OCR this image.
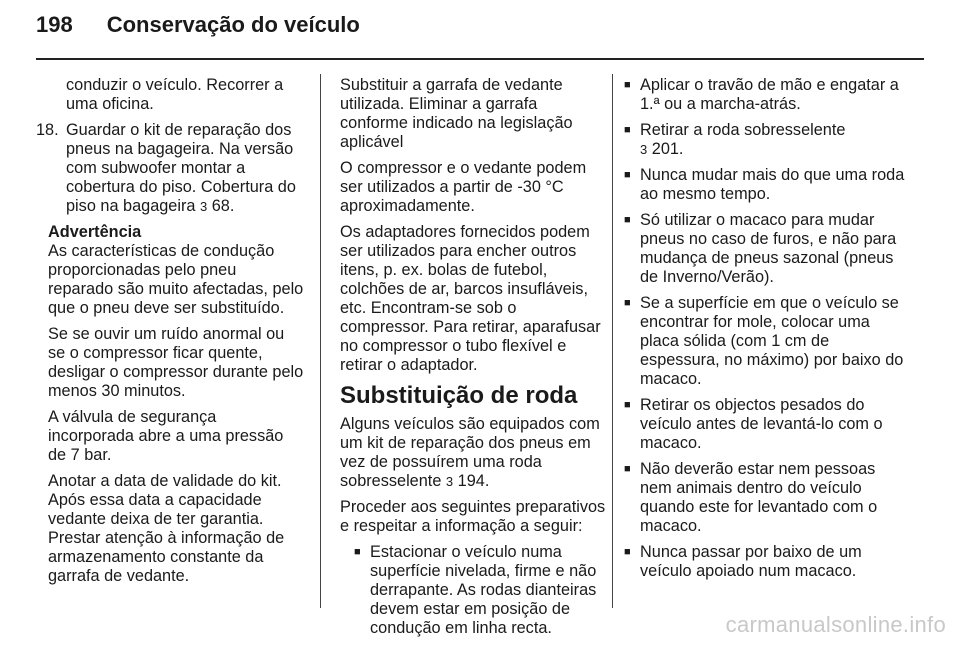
198 Conservação do veículo

conduzir o veículo. Recorrer a uma oficina.

18. Guardar o kit de reparação dos pneus na bagageira. Na versão com subwoofer montar a cobertura do piso. Cobertura do piso na bagageira 3 68.

Advertência

As características de condução proporcionadas pelo pneu reparado são muito afectadas, pelo que o pneu deve ser substituído.

Se se ouvir um ruído anormal ou se o compressor ficar quente, desligar o compressor durante pelo menos 30 minutos.

A válvula de segurança incorporada abre a uma pressão de 7 bar.

Anotar a data de validade do kit. Após essa data a capacidade vedante deixa de ter garantia. Prestar atenção à informação de armazenamento constante da garrafa de vedante.

Substituir a garrafa de vedante utilizada. Eliminar a garrafa conforme indicado na legislação aplicável

O compressor e o vedante podem ser utilizados a partir de -30 °C aproximadamente.

Os adaptadores fornecidos podem ser utilizados para encher outros itens, p. ex. bolas de futebol, colchões de ar, barcos insufláveis, etc. Encontram-se sob o compressor. Para retirar, aparafusar no compressor o tubo flexível e retirar o adaptador.

Substituição de roda

Alguns veículos são equipados com um kit de reparação dos pneus em vez de possuírem uma roda sobresselente 3 194.

Proceder aos seguintes preparativos e respeitar a informação a seguir:

■ Estacionar o veículo numa superfície nivelada, firme e não derrapante. As rodas dianteiras devem estar em posição de condução em linha recta.
■ Aplicar o travão de mão e engatar a 1.ª ou a marcha-atrás.
■ Retirar a roda sobresselente
3 201.
■ Nunca mudar mais do que uma roda ao mesmo tempo.
■ Só utilizar o macaco para mudar pneus no caso de furos, e não para mudança de pneus sazonal (pneus de Inverno/Verão).
■ Se a superfície em que o veículo se encontrar for mole, colocar uma placa sólida (com 1 cm de espessura, no máximo) por baixo do macaco.
■ Retirar os objectos pesados do veículo antes de levantá-lo com o macaco.
■ Não deverão estar nem pessoas nem animais dentro do veículo quando este for levantado com o macaco.
■ Nunca passar por baixo de um veículo apoiado num macaco.
carmanualsonline.info
